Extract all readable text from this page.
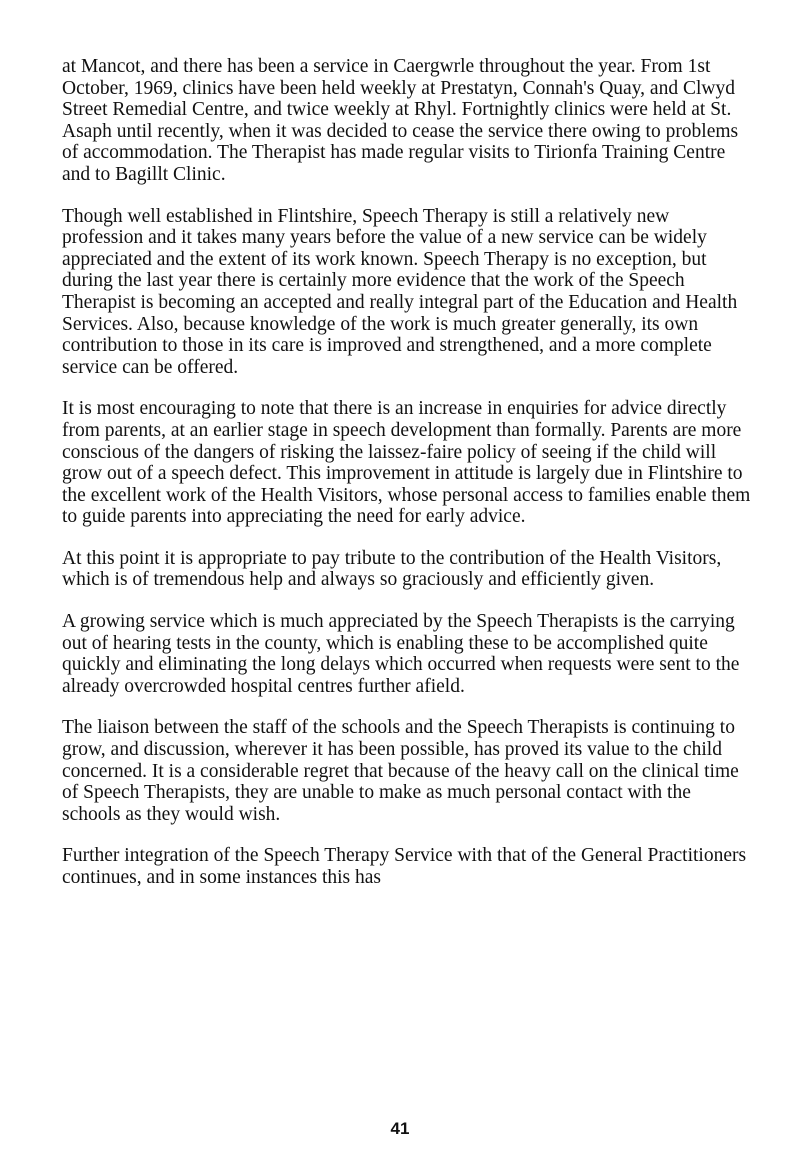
at Mancot, and there has been a service in Caergwrle throughout the year. From 1st October, 1969, clinics have been held weekly at Prestatyn, Connah's Quay, and Clwyd Street Remedial Centre, and twice weekly at Rhyl. Fortnightly clinics were held at St. Asaph until recently, when it was decided to cease the service there owing to problems of accommodation. The Therapist has made regular visits to Tirionfa Training Centre and to Bagillt Clinic.

Though well established in Flintshire, Speech Therapy is still a relatively new profession and it takes many years before the value of a new service can be widely appreciated and the extent of its work known. Speech Therapy is no exception, but during the last year there is certainly more evidence that the work of the Speech Therapist is becoming an accepted and really integral part of the Education and Health Services. Also, because knowledge of the work is much greater generally, its own contribution to those in its care is improved and strengthened, and a more complete service can be offered.

It is most encouraging to note that there is an increase in enquiries for advice directly from parents, at an earlier stage in speech development than formally. Parents are more conscious of the dangers of risking the laissez-faire policy of seeing if the child will grow out of a speech defect. This improvement in attitude is largely due in Flintshire to the excellent work of the Health Visitors, whose personal access to families enable them to guide parents into appreciating the need for early advice.

At this point it is appropriate to pay tribute to the contribution of the Health Visitors, which is of tremendous help and always so graciously and efficiently given.

A growing service which is much appreciated by the Speech Therapists is the carrying out of hearing tests in the county, which is enabling these to be accomplished quite quickly and eliminating the long delays which occurred when requests were sent to the already overcrowded hospital centres further afield.

The liaison between the staff of the schools and the Speech Therapists is continuing to grow, and discussion, wherever it has been possible, has proved its value to the child concerned. It is a considerable regret that because of the heavy call on the clinical time of Speech Therapists, they are unable to make as much personal contact with the schools as they would wish.

Further integration of the Speech Therapy Service with that of the General Practitioners continues, and in some instances this has

41
